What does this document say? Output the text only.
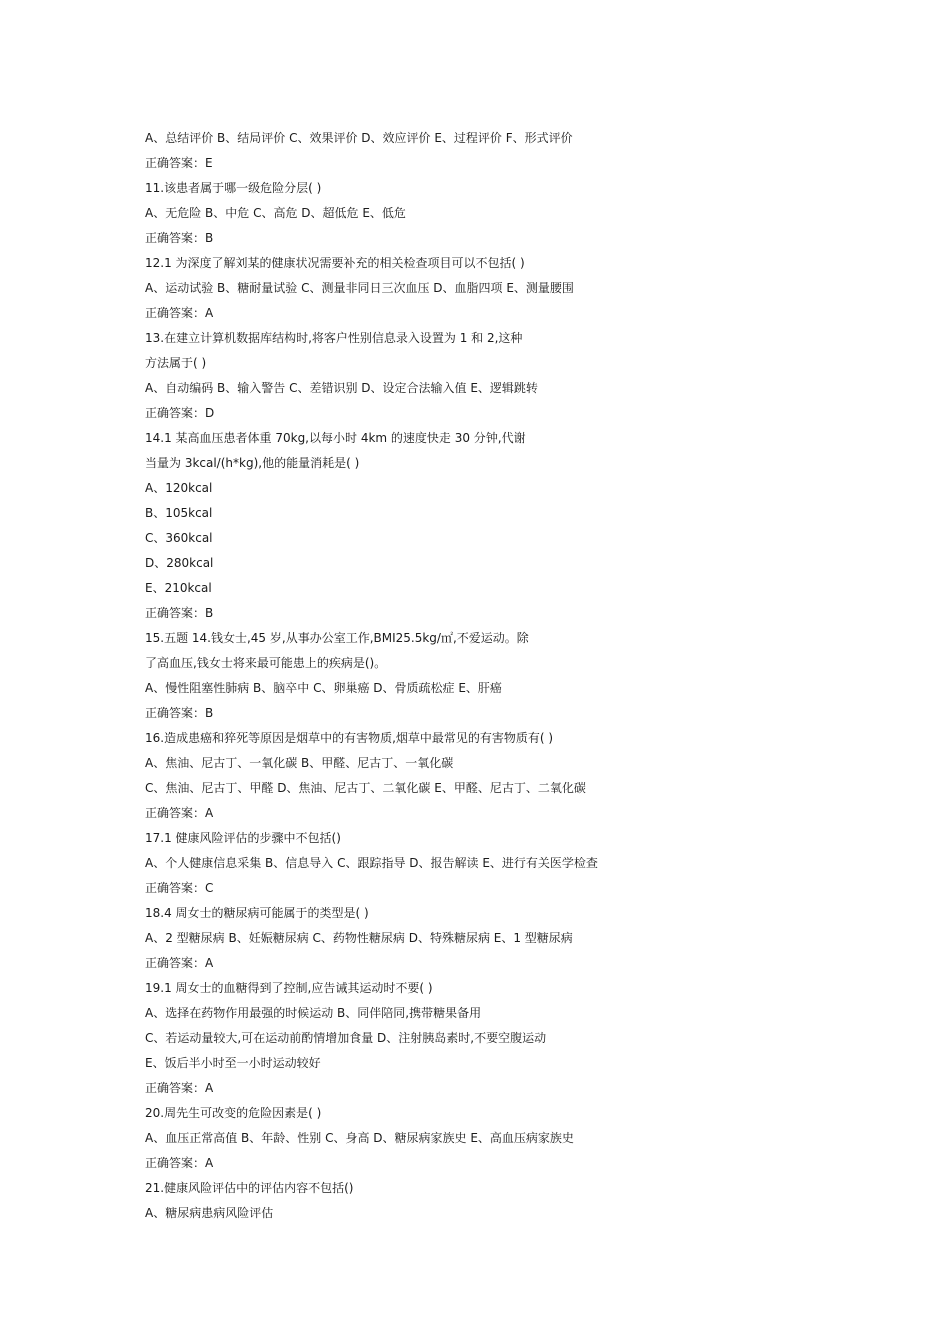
A、总结评价 B、结局评价 C、效果评价 D、效应评价 E、过程评价 F、形式评价
正确答案：E
11.该患者属于哪一级危险分层( )
A、无危险 B、中危 C、高危 D、超低危 E、低危
正确答案：B
12.1 为深度了解刘某的健康状况需要补充的相关检查项目可以不包括( )
A、运动试验 B、糖耐量试验 C、测量非同日三次血压 D、血脂四项 E、测量腰围
正确答案：A
13.在建立计算机数据库结构时,将客户性别信息录入设置为 1 和 2,这种
方法属于( )
A、自动编码 B、输入警告 C、差错识别 D、设定合法输入值 E、逻辑跳转
正确答案：D
14.1 某高血压患者体重 70kg,以每小时 4km 的速度快走 30 分钟,代谢
当量为 3kcal/(h*kg),他的能量消耗是( )
A、120kcal
B、105kcal
C、360kcal
D、280kcal
E、210kcal
正确答案：B
15.五题 14.钱女士,45 岁,从事办公室工作,BMI25.5kg/㎡,不爱运动。除
了高血压,钱女士将来最可能患上的疾病是()。
A、慢性阻塞性肺病 B、脑卒中 C、卵巢癌 D、骨质疏松症 E、肝癌
正确答案：B
16.造成患癌和猝死等原因是烟草中的有害物质,烟草中最常见的有害物质有( )
A、焦油、尼古丁、一氧化碳 B、甲醛、尼古丁、一氧化碳
C、焦油、尼古丁、甲醛 D、焦油、尼古丁、二氧化碳 E、甲醛、尼古丁、二氧化碳
正确答案：A
17.1 健康风险评估的步骤中不包括()
A、个人健康信息采集 B、信息导入 C、跟踪指导 D、报告解读 E、进行有关医学检查
正确答案：C
18.4 周女士的糖尿病可能属于的类型是( )
A、2 型糖尿病 B、妊娠糖尿病 C、药物性糖尿病 D、特殊糖尿病 E、1 型糖尿病
正确答案：A
19.1 周女士的血糖得到了控制,应告诫其运动时不要( )
A、选择在药物作用最强的时候运动 B、同伴陪同,携带糖果备用
C、若运动量较大,可在运动前酌情增加食量 D、注射胰岛素时,不要空腹运动
E、饭后半小时至一小时运动较好
正确答案：A
20.周先生可改变的危险因素是( )
A、血压正常高值 B、年龄、性别 C、身高 D、糖尿病家族史 E、高血压病家族史
正确答案：A
21.健康风险评估中的评估内容不包括()
A、糖尿病患病风险评估
